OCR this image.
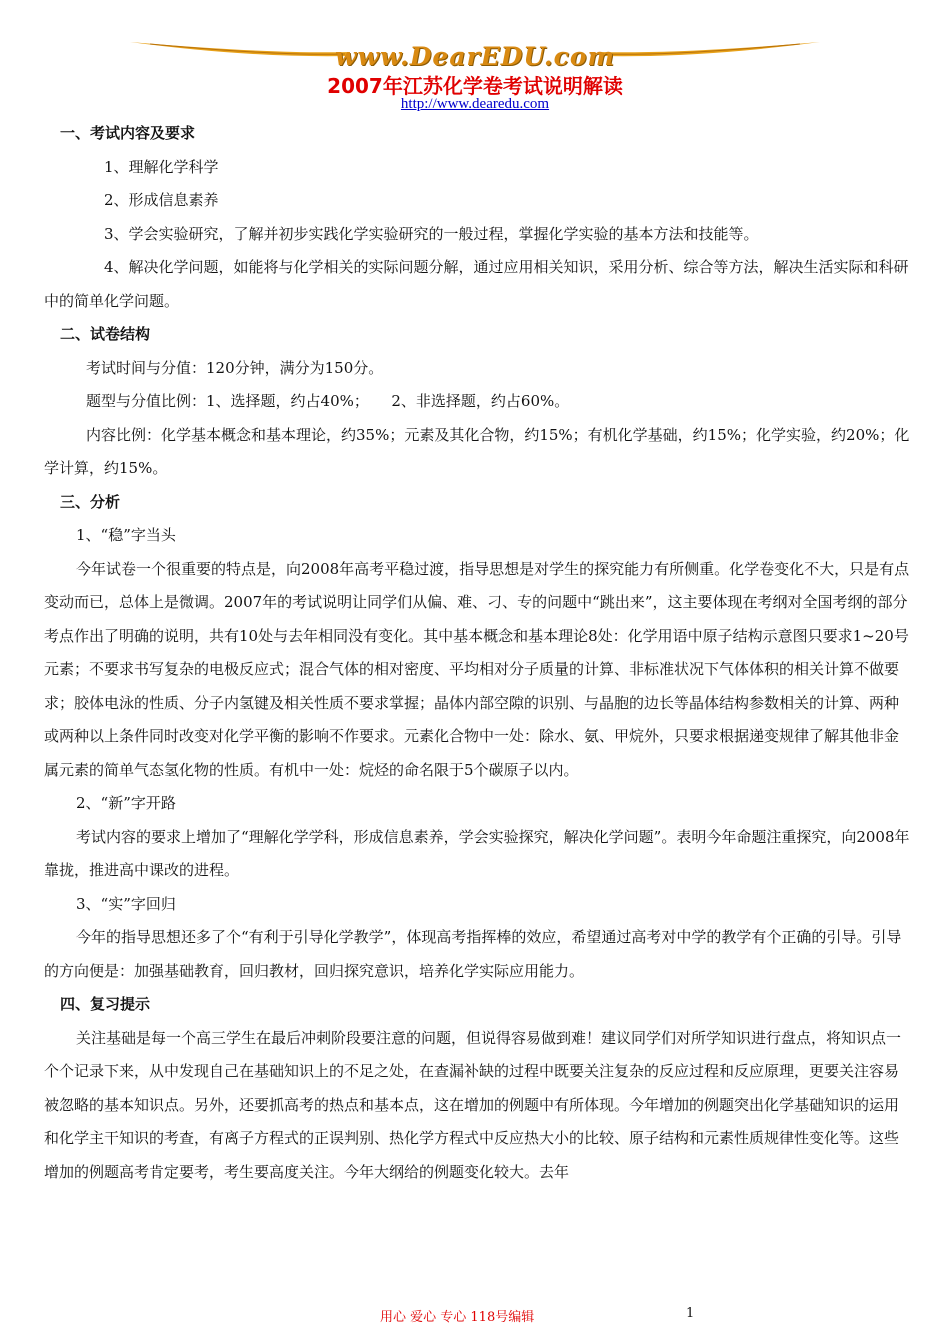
www.DearEDU.com
2007年江苏化学卷考试说明解读
http://www.dearedu.com

一、考试内容及要求

1、理解化学科学

2、形成信息素养

3、学会实验研究，了解并初步实践化学实验研究的一般过程，掌握化学实验的基本方法和技能等。

4、解决化学问题，如能将与化学相关的实际问题分解，通过应用相关知识，采用分析、综合等方法，解决生活实际和科研中的简单化学问题。

二、试卷结构

考试时间与分值：120分钟，满分为150分。

题型与分值比例：1、选择题，约占40%；　　2、非选择题，约占60%。

内容比例：化学基本概念和基本理论，约35%；元素及其化合物，约15%；有机化学基础，约15%；化学实验，约20%；化学计算，约15%。

三、分析

1、“稳”字当头

今年试卷一个很重要的特点是，向2008年高考平稳过渡，指导思想是对学生的探究能力有所侧重。化学卷变化不大，只是有点变动而已，总体上是微调。2007年的考试说明让同学们从偏、难、刁、专的问题中“跳出来”，这主要体现在考纲对全国考纲的部分考点作出了明确的说明，共有10处与去年相同没有变化。其中基本概念和基本理论8处：化学用语中原子结构示意图只要求1~20号元素；不要求书写复杂的电极反应式；混合气体的相对密度、平均相对分子质量的计算、非标准状况下气体体积的相关计算不做要求；胶体电泳的性质、分子内氢键及相关性质不要求掌握；晶体内部空隙的识别、与晶胞的边长等晶体结构参数相关的计算、两种或两种以上条件同时改变对化学平衡的影响不作要求。元素化合物中一处：除水、氨、甲烷外，只要求根据递变规律了解其他非金属元素的简单气态氢化物的性质。有机中一处：烷烃的命名限于5个碳原子以内。

2、“新”字开路

考试内容的要求上增加了“理解化学学科，形成信息素养，学会实验探究，解决化学问题”。表明今年命题注重探究，向2008年靠拢，推进高中课改的进程。

3、“实”字回归

今年的指导思想还多了个“有利于引导化学教学”，体现高考指挥棒的效应，希望通过高考对中学的教学有个正确的引导。引导的方向便是：加强基础教育，回归教材，回归探究意识，培养化学实际应用能力。

四、复习提示

关注基础是每一个高三学生在最后冲刺阶段要注意的问题，但说得容易做到难！建议同学们对所学知识进行盘点，将知识点一个个记录下来，从中发现自己在基础知识上的不足之处，在查漏补缺的过程中既要关注复杂的反应过程和反应原理，更要关注容易被忽略的基本知识点。另外，还要抓高考的热点和基本点，这在增加的例题中有所体现。今年增加的例题突出化学基础知识的运用和化学主干知识的考查，有离子方程式的正误判别、热化学方程式中反应热大小的比较、原子结构和元素性质规律性变化等。这些增加的例题高考肯定要考，考生要高度关注。今年大纲给的例题变化较大。去年

用心 爱心 专心 118号编辑	1
